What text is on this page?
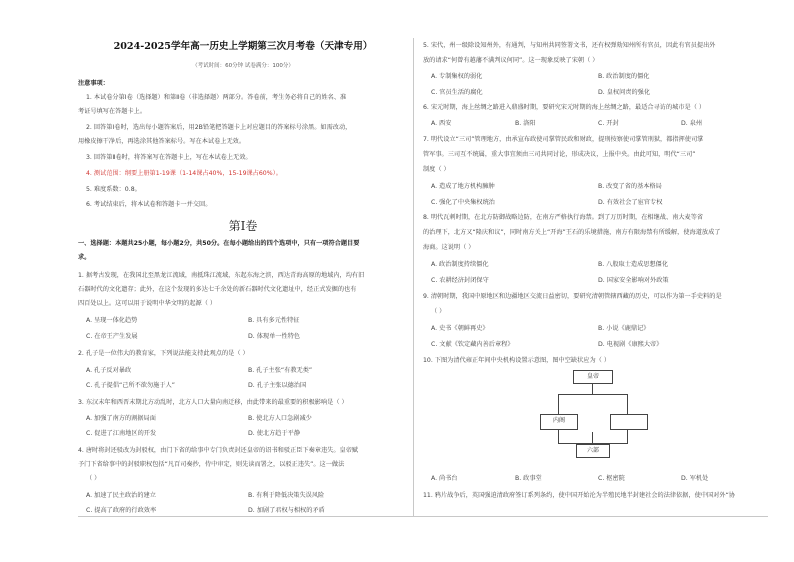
2024-2025学年高一历史上学期第三次月考卷（天津专用）
（考试时间：60分钟 试卷满分：100分）
注意事项：
1. 本试卷分第Ⅰ卷（选择题）和第Ⅱ卷（非选择题）两部分。答卷前，考生务必将自己的姓名、准
考证号填写在答题卡上。
2. 回答第Ⅰ卷时，选出每小题答案后，用2B铅笔把答题卡上对应题目的答案标号涂黑。如需改动，
用橡皮擦干净后，再选涂其他答案标号。写在本试卷上无效。
3. 回答第Ⅱ卷时，将答案写在答题卡上，写在本试卷上无效。
4. 测试范围：纲要上册第1-19课（1-14课占40%，15-19课占60%）。
5. 难度系数：0.8。
6. 考试结束后，将本试卷和答题卡一并交回。
第Ⅰ卷
一、选择题：本题共25小题，每小题2分，共50分。在每小题给出的四个选项中，只有一项符合题目要
求。
1. 据考古发现，在我国北至黑龙江流域，南抵珠江流域，东起东海之滨，西达青海高原的地域内，均有旧
石器时代的文化遗存；此外，在这个发现的多达七千余处的新石器时代文化遗址中，经正式发掘的也有
四百处以上。这可以用于说明中华文明的起源（ ）
A. 呈现一体化趋势	B. 具有多元性特征
C. 在帝王产生发展	D. 体现单一性特色
2. 孔子是一位伟大的教育家，下列说法能支持此观点的是（ ）
A. 孔子反对暴政	B. 孔子主张“有教无类”
C. 孔子提倡“己所不欲勿施于人”	D. 孔子主张以德治国
3. 东汉末年和西晋末期北方动乱时，北方人口大量向南迁移，由此带来的最重要的积极影响是（ ）
A. 加强了南方的割据局面	B. 使北方人口急剧减少
C. 促进了江南地区的开发	D. 使北方趋于平静
4. 唐时将封还驳改为封驳权，由门下省的给事中专门负责封还皇帝的诏书和驳正臣下奏章违失。皇帝赋
予门下省给事中的封驳职权包括“凡百司奏抄，侍中审定，则先读而署之，以驳正违失”。这一做法
（ ）
A. 加速了民主政治的建立	B. 有利于降低决策失误风险
C. 提高了政府的行政效率	D. 加剧了君权与相权的矛盾
5. 宋代，州一级除设知州外，有通判，与知州共同签署文书，还有权弹劾知州所有官员，因此有官员提出外
放的请求“何曾有越藩不满判议何同”。这一现象反映了宋朝（ ）
A. 专制集权的弱化	B. 政治制度的僵化
C. 官员生活的腐化	D. 皇权问责的强化
6. 宋元时期，海上丝绸之路进入鼎盛时期，要研究宋元时期的海上丝绸之路，最适合寻访的城市是（ ）
A. 西安	B. 洛阳	C. 开封	D. 泉州
7. 明代设立“三司”管理地方，由承宣布政使司掌管民政和财政，提刑按察使司掌管刑狱，都指挥使司掌
管军事。三司互不统属，重大事宜须由三司共同讨论，形成决议，上报中央。由此可知，明代“三司”
制度（ ）
A. 造成了地方机构臃肿	B. 改变了省的基本格局
C. 强化了中央集权统治	D. 有效社会了宦官专权
8. 明代瓦剌时期，在北方防御战略边防，在南方严格执行海禁。到了万历时期，在相继战、南大麦等省
的治理下，北方又“隆庆和议”，同时南方关上“开海”王石的乐境措施，南方有限海禁有所缓解，使海道放成了
海商。这说明（ ）
A. 政治制度持续僵化	B. 八股取士造成思想僵化
C. 农耕经济封闭保守	D. 国家安全影响对外政策
9. 清朝时期，我国中原地区和边疆地区交流日益密切，要研究清朝管辖西藏的历史，可以作为第一手史料的是
（ ）
A. 史书《朝鲜再史》	B. 小说《鹿鼎记》
C. 文献《钦定藏内善后章程》	D. 电视剧《康熙大帝》
10. 下图为清代雍正年间中央机构设置示意图，图中空缺状应为（ ）
皇帝
内阁
六部
A. 尚书台	B. 政事堂	C. 枢密院	D. 军机处
11. 鸦片战争后，英国强迫清政府签订系列条约，使中国开始沦为半殖民地半封建社会的法律依据，使中国对外“协
